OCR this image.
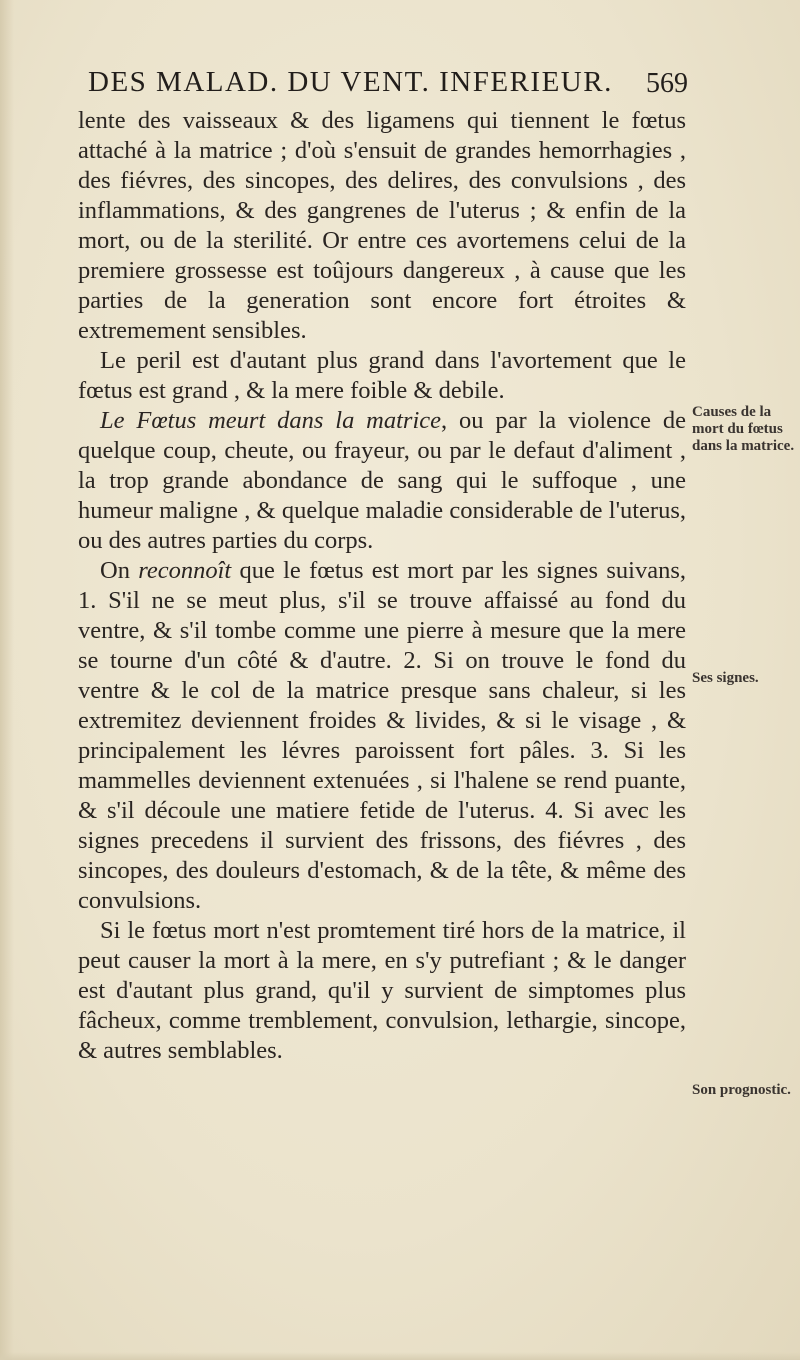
DES MALAD. DU VENT. INFERIEUR. 569

lente des vaisseaux & des ligamens qui tiennent le fœtus attaché à la matrice ; d'où s'ensuit de grandes hemorrhagies , des fiévres, des sincopes, des delires, des convulsions , des inflammations, & des gangrenes de l'uterus ; & enfin de la mort, ou de la sterilité. Or entre ces avortemens celui de la premiere grossesse est toûjours dangereux , à cause que les parties de la generation sont encore fort étroites & extremement sensibles.

Le peril est d'autant plus grand dans l'avortement que le fœtus est grand , & la mere foible & debile.

Le Fœtus meurt dans la matrice, ou par la violence de quelque coup, cheute, ou frayeur, ou par le defaut d'aliment , la trop grande abondance de sang qui le suffoque , une humeur maligne , & quelque maladie considerable de l'uterus, ou des autres parties du corps.

On reconnoît que le fœtus est mort par les signes suivans, 1. S'il ne se meut plus, s'il se trouve affaissé au fond du ventre, & s'il tombe comme une pierre à mesure que la mere se tourne d'un côté & d'autre. 2. Si on trouve le fond du ventre & le col de la matrice presque sans chaleur, si les extremitez deviennent froides & livides, & si le visage , & principalement les lévres paroissent fort pâles. 3. Si les mammelles deviennent extenuées , si l'halene se rend puante, & s'il découle une matiere fetide de l'uterus. 4. Si avec les signes precedens il survient des frissons, des fiévres , des sincopes, des douleurs d'estomach, & de la tête, & même des convulsions.

Si le fœtus mort n'est promtement tiré hors de la matrice, il peut causer la mort à la mere, en s'y putrefiant ; & le danger est d'autant plus grand, qu'il y survient de simptomes plus fâcheux, comme tremblement, convulsion, lethargie, sincope, & autres semblables.

Causes de la mort du fœtus dans la matrice.
Ses signes.
Son prognostic.
